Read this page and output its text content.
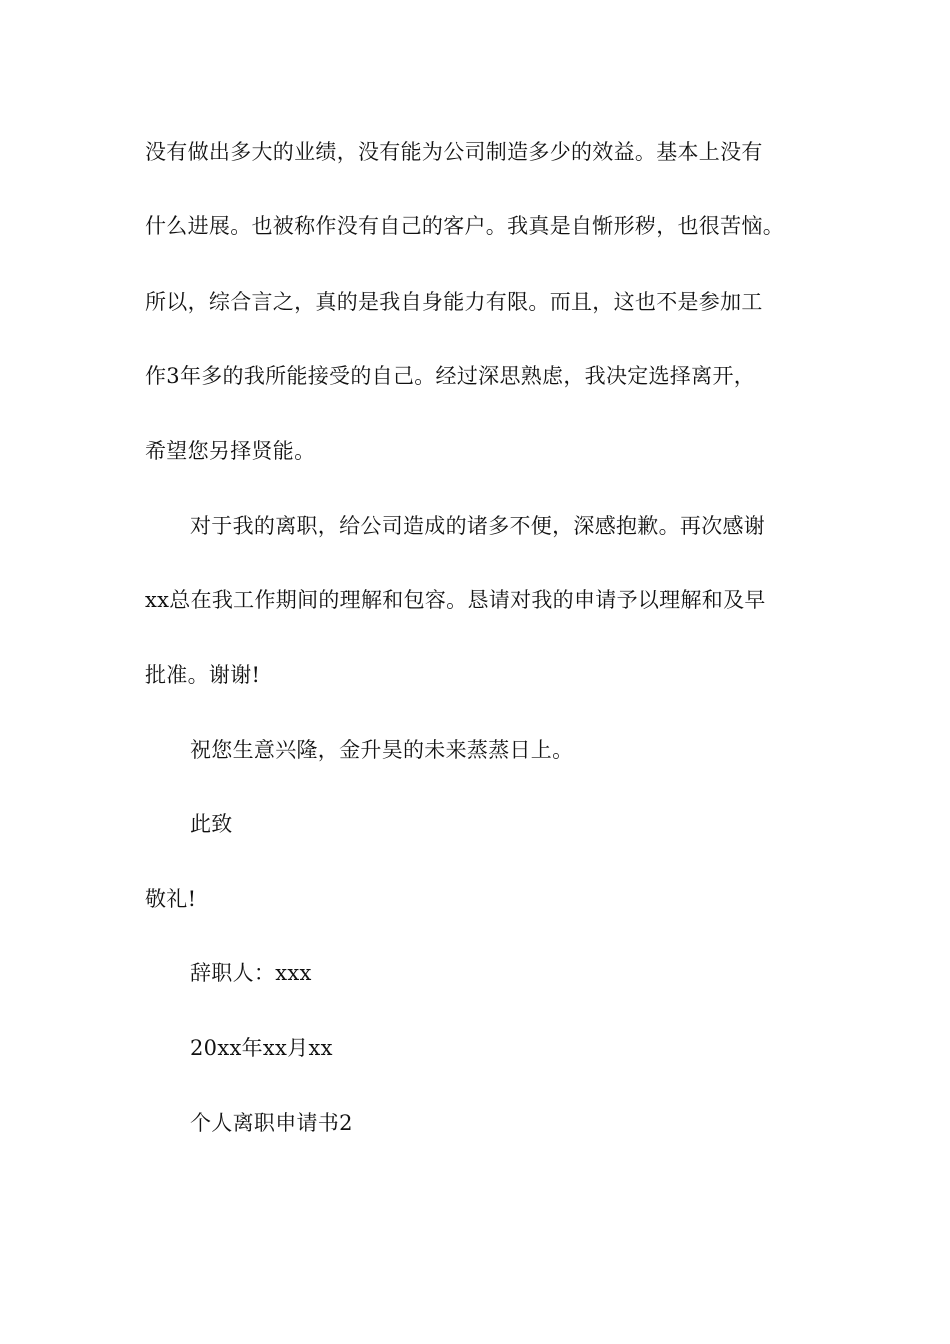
没有做出多大的业绩，没有能为公司制造多少的效益。基本上没有
什么进展。也被称作没有自己的客户。我真是自惭形秽，也很苦恼。
所以，综合言之，真的是我自身能力有限。而且，这也不是参加工
作3年多的我所能接受的自己。经过深思熟虑，我决定选择离开，
希望您另择贤能。
对于我的离职，给公司造成的诸多不便，深感抱歉。再次感谢
xx总在我工作期间的理解和包容。恳请对我的申请予以理解和及早
批准。谢谢!
祝您生意兴隆，金升昊的未来蒸蒸日上。
此致
敬礼!
辞职人：xxx
20xx年xx月xx
个人离职申请书2
